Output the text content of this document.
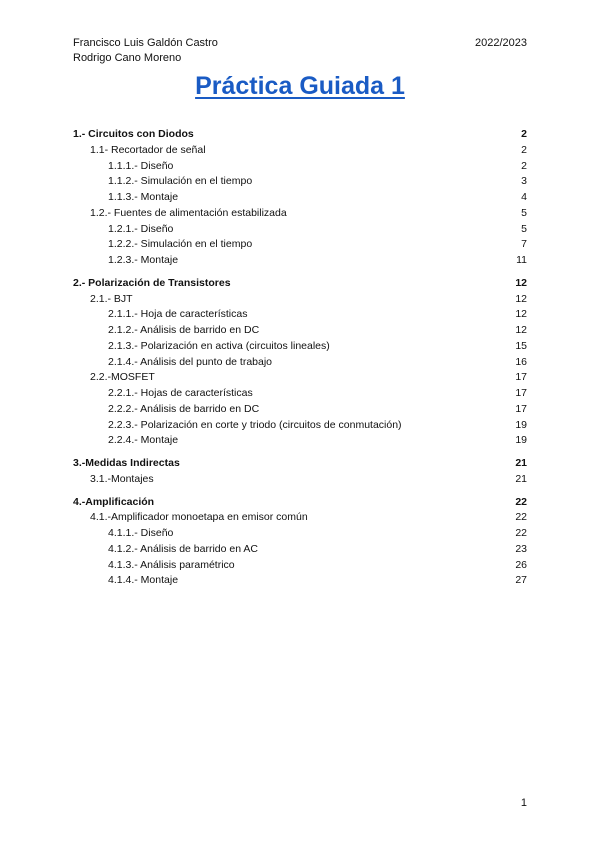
Francisco Luis Galdón Castro
Rodrigo Cano Moreno
2022/2023
Práctica Guiada 1
1.- Circuitos con Diodos	2
1.1- Recortador de señal	2
1.1.1.- Diseño	2
1.1.2.- Simulación en el tiempo	3
1.1.3.- Montaje	4
1.2.- Fuentes de alimentación estabilizada	5
1.2.1.- Diseño	5
1.2.2.- Simulación en el tiempo	7
1.2.3.- Montaje	11
2.- Polarización de Transistores	12
2.1.- BJT	12
2.1.1.- Hoja de características	12
2.1.2.- Análisis de barrido en DC	12
2.1.3.- Polarización en activa (circuitos lineales)	15
2.1.4.- Análisis del punto de trabajo	16
2.2.-MOSFET	17
2.2.1.- Hojas de características	17
2.2.2.- Análisis de barrido en DC	17
2.2.3.- Polarización en corte y triodo (circuitos de conmutación)	19
2.2.4.- Montaje	19
3.-Medidas Indirectas	21
3.1.-Montajes	21
4.-Amplificación	22
4.1.-Amplificador monoetapa en emisor común	22
4.1.1.- Diseño	22
4.1.2.- Análisis de barrido en AC	23
4.1.3.- Análisis paramétrico	26
4.1.4.- Montaje	27
1
